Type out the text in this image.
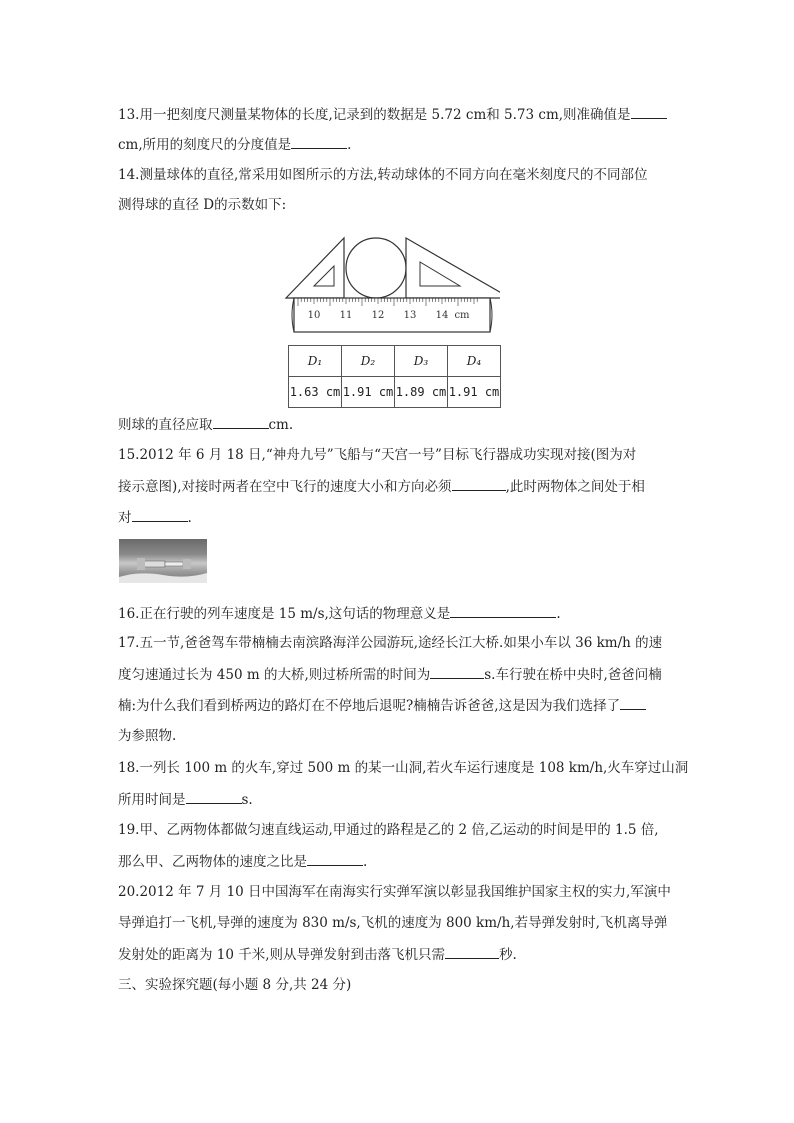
13.用一把刻度尺测量某物体的长度,记录到的数据是 5.72 cm和 5.73 cm,则准确值是
cm,所用的刻度尺的分度值是	.
14.测量球体的直径,常采用如图所示的方法,转动球体的不同方向在毫米刻度尺的不同部位
测得球的直径 D的示数如下:
10 11 12 13 14 cm
D₁	D₂	D₃	D₄
1.63 cm	1.91 cm	1.89 cm	1.91 cm
则球的直径应取	cm.
15.2012 年 6 月 18 日,“神舟九号”飞船与“天宫一号”目标飞行器成功实现对接(图为对
接示意图),对接时两者在空中飞行的速度大小和方向必须	,此时两物体之间处于相
对	.
16.正在行驶的列车速度是 15 m/s,这句话的物理意义是	.
17.五一节,爸爸驾车带楠楠去南滨路海洋公园游玩,途经长江大桥.如果小车以 36 km/h 的速
度匀速通过长为 450 m 的大桥,则过桥所需的时间为	s.车行驶在桥中央时,爸爸问楠
楠:为什么我们看到桥两边的路灯在不停地后退呢?楠楠告诉爸爸,这是因为我们选择了
为参照物.
18.一列长 100 m 的火车,穿过 500 m 的某一山洞,若火车运行速度是 108 km/h,火车穿过山洞
所用时间是	s.
19.甲、乙两物体都做匀速直线运动,甲通过的路程是乙的 2 倍,乙运动的时间是甲的 1.5 倍,
那么甲、乙两物体的速度之比是	.
20.2012 年 7 月 10 日中国海军在南海实行实弹军演以彰显我国维护国家主权的实力,军演中
导弹追打一飞机,导弹的速度为 830 m/s,飞机的速度为 800 km/h,若导弹发射时,飞机离导弹
发射处的距离为 10 千米,则从导弹发射到击落飞机只需	秒.
三、实验探究题(每小题 8 分,共 24 分)
